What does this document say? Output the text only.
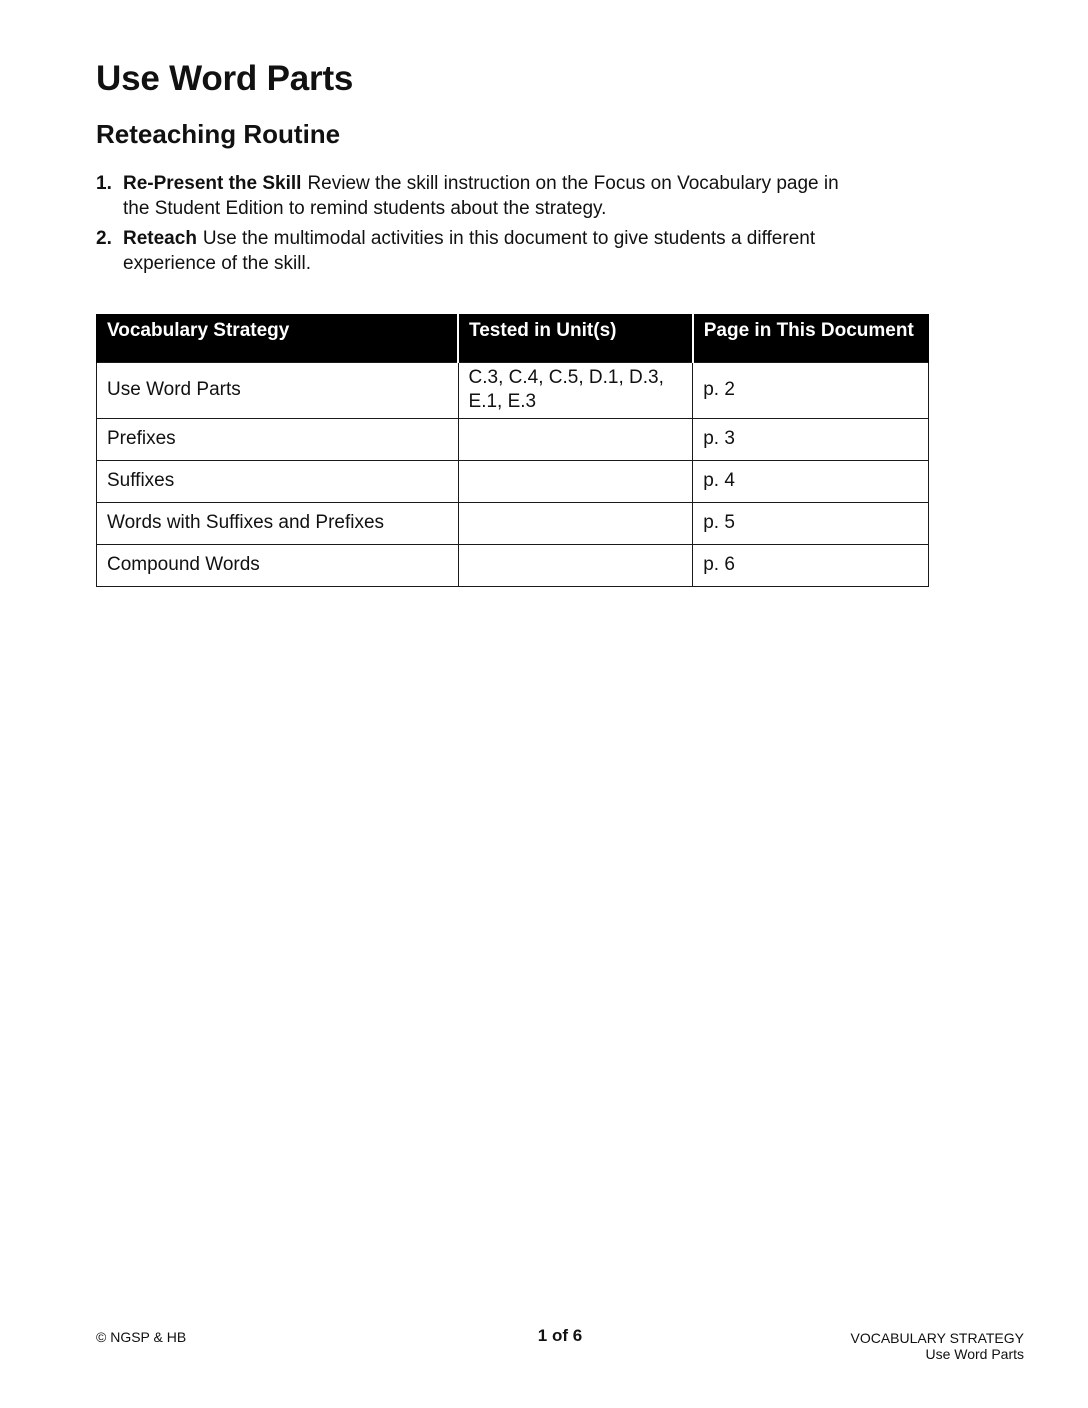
Use Word Parts
Reteaching Routine
1. Re-Present the Skill Review the skill instruction on the Focus on Vocabulary page in the Student Edition to remind students about the strategy.
2. Reteach Use the multimodal activities in this document to give students a different experience of the skill.
Vocabulary Strategy	Tested in Unit(s)	Page in This Document
Use Word Parts	C.3, C.4, C.5, D.1, D.3, E.1, E.3	p. 2
Prefixes		p. 3
Suffixes		p. 4
Words with Suffixes and Prefixes		p. 5
Compound Words		p. 6
© NGSP & HB	1 of 6	VOCABULARY STRATEGY
Use Word Parts
